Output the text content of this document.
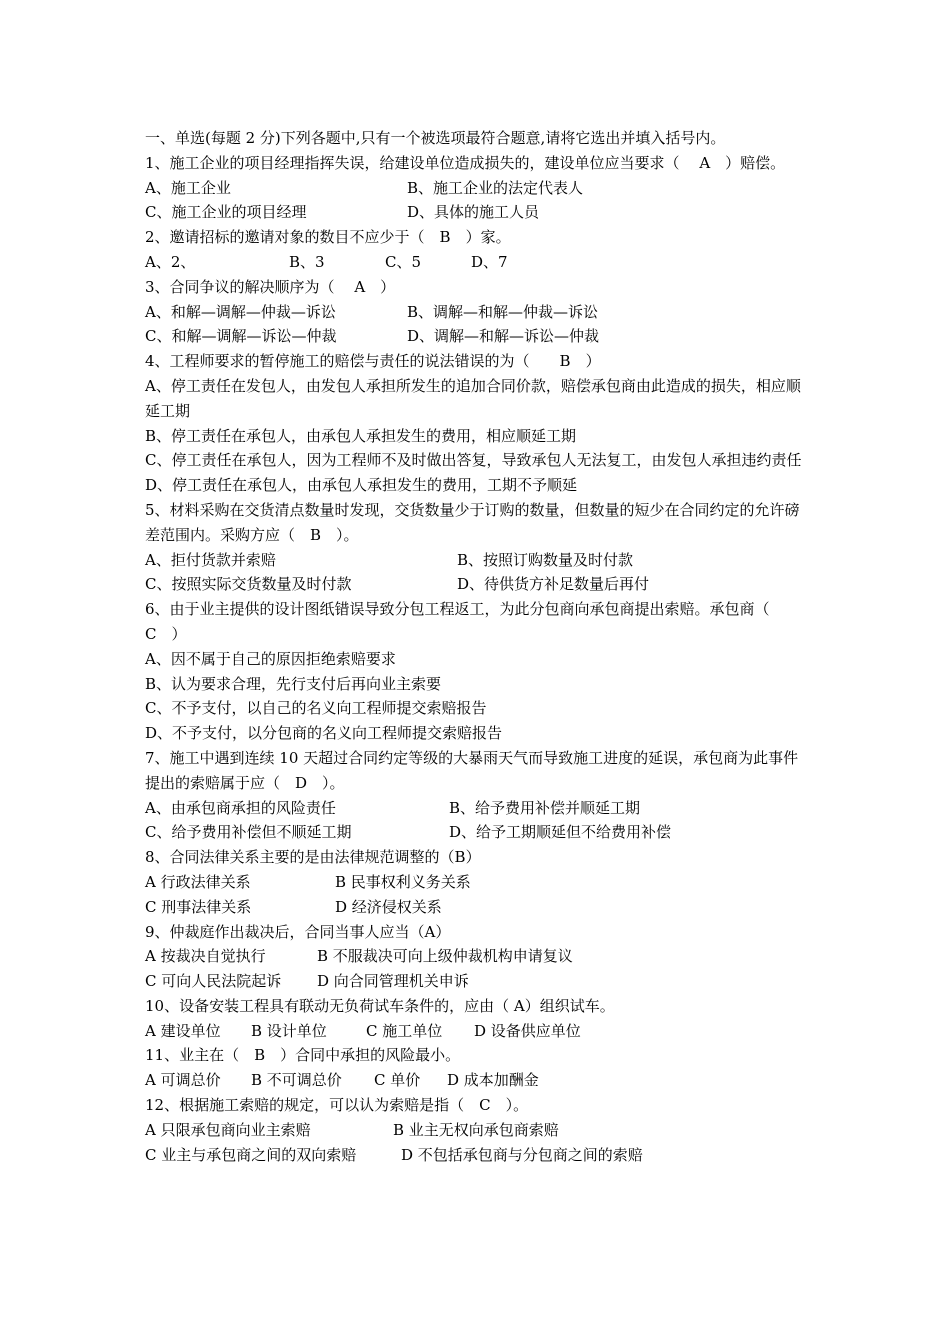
一、单选(每题 2 分)下列各题中,只有一个被选项最符合题意,请将它选出并填入括号内。
1、施工企业的项目经理指挥失误，给建设单位造成损失的，建设单位应当要求（　 A　）赔偿。
A、施工企业	B、施工企业的法定代表人
C、施工企业的项目经理	D、具体的施工人员
2、邀请招标的邀请对象的数目不应少于（　B　）家。
A、2、	B、3	C、5	D、7
3、合同争议的解决顺序为（　 A　）
A、和解—调解—仲裁—诉讼	B、调解—和解—仲裁—诉讼
C、和解—调解—诉讼—仲裁	D、调解—和解—诉讼—仲裁
4、工程师要求的暂停施工的赔偿与责任的说法错误的为（　　B　）
A、停工责任在发包人，由发包人承担所发生的追加合同价款，赔偿承包商由此造成的损失，相应顺延工期
B、停工责任在承包人，由承包人承担发生的费用，相应顺延工期
C、停工责任在承包人，因为工程师不及时做出答复，导致承包人无法复工，由发包人承担违约责任
D、停工责任在承包人，由承包人承担发生的费用，工期不予顺延
5、材料采购在交货清点数量时发现，交货数量少于订购的数量，但数量的短少在合同约定的允许磅差范围内。采购方应（　B　）。
A、拒付货款并索赔	B、按照订购数量及时付款
C、按照实际交货数量及时付款	D、待供货方补足数量后再付
6、由于业主提供的设计图纸错误导致分包工程返工，为此分包商向承包商提出索赔。承包商（　 C　）
A、因不属于自己的原因拒绝索赔要求
B、认为要求合理，先行支付后再向业主索要
C、不予支付，以自己的名义向工程师提交索赔报告
D、不予支付，以分包商的名义向工程师提交索赔报告
7、施工中遇到连续 10 天超过合同约定等级的大暴雨天气而导致施工进度的延误，承包商为此事件提出的索赔属于应（　D　）。
A、由承包商承担的风险责任	B、给予费用补偿并顺延工期
C、给予费用补偿但不顺延工期	D、给予工期顺延但不给费用补偿
8、合同法律关系主要的是由法律规范调整的（B）
A 行政法律关系	B 民事权利义务关系
C 刑事法律关系	D 经济侵权关系
9、仲裁庭作出裁决后，合同当事人应当（A）
A 按裁决自觉执行	B 不服裁决可向上级仲裁机构申请复议
C 可向人民法院起诉	D 向合同管理机关申诉
10、设备安装工程具有联动无负荷试车条件的，应由（ A）组织试车。
A 建设单位	B 设计单位	C 施工单位	D 设备供应单位
11、业主在（　B　）合同中承担的风险最小。
A 可调总价	B 不可调总价	C 单价	D 成本加酬金
12、根据施工索赔的规定，可以认为索赔是指（　C　）。
A 只限承包商向业主索赔	B 业主无权向承包商索赔
C 业主与承包商之间的双向索赔	D 不包括承包商与分包商之间的索赔
